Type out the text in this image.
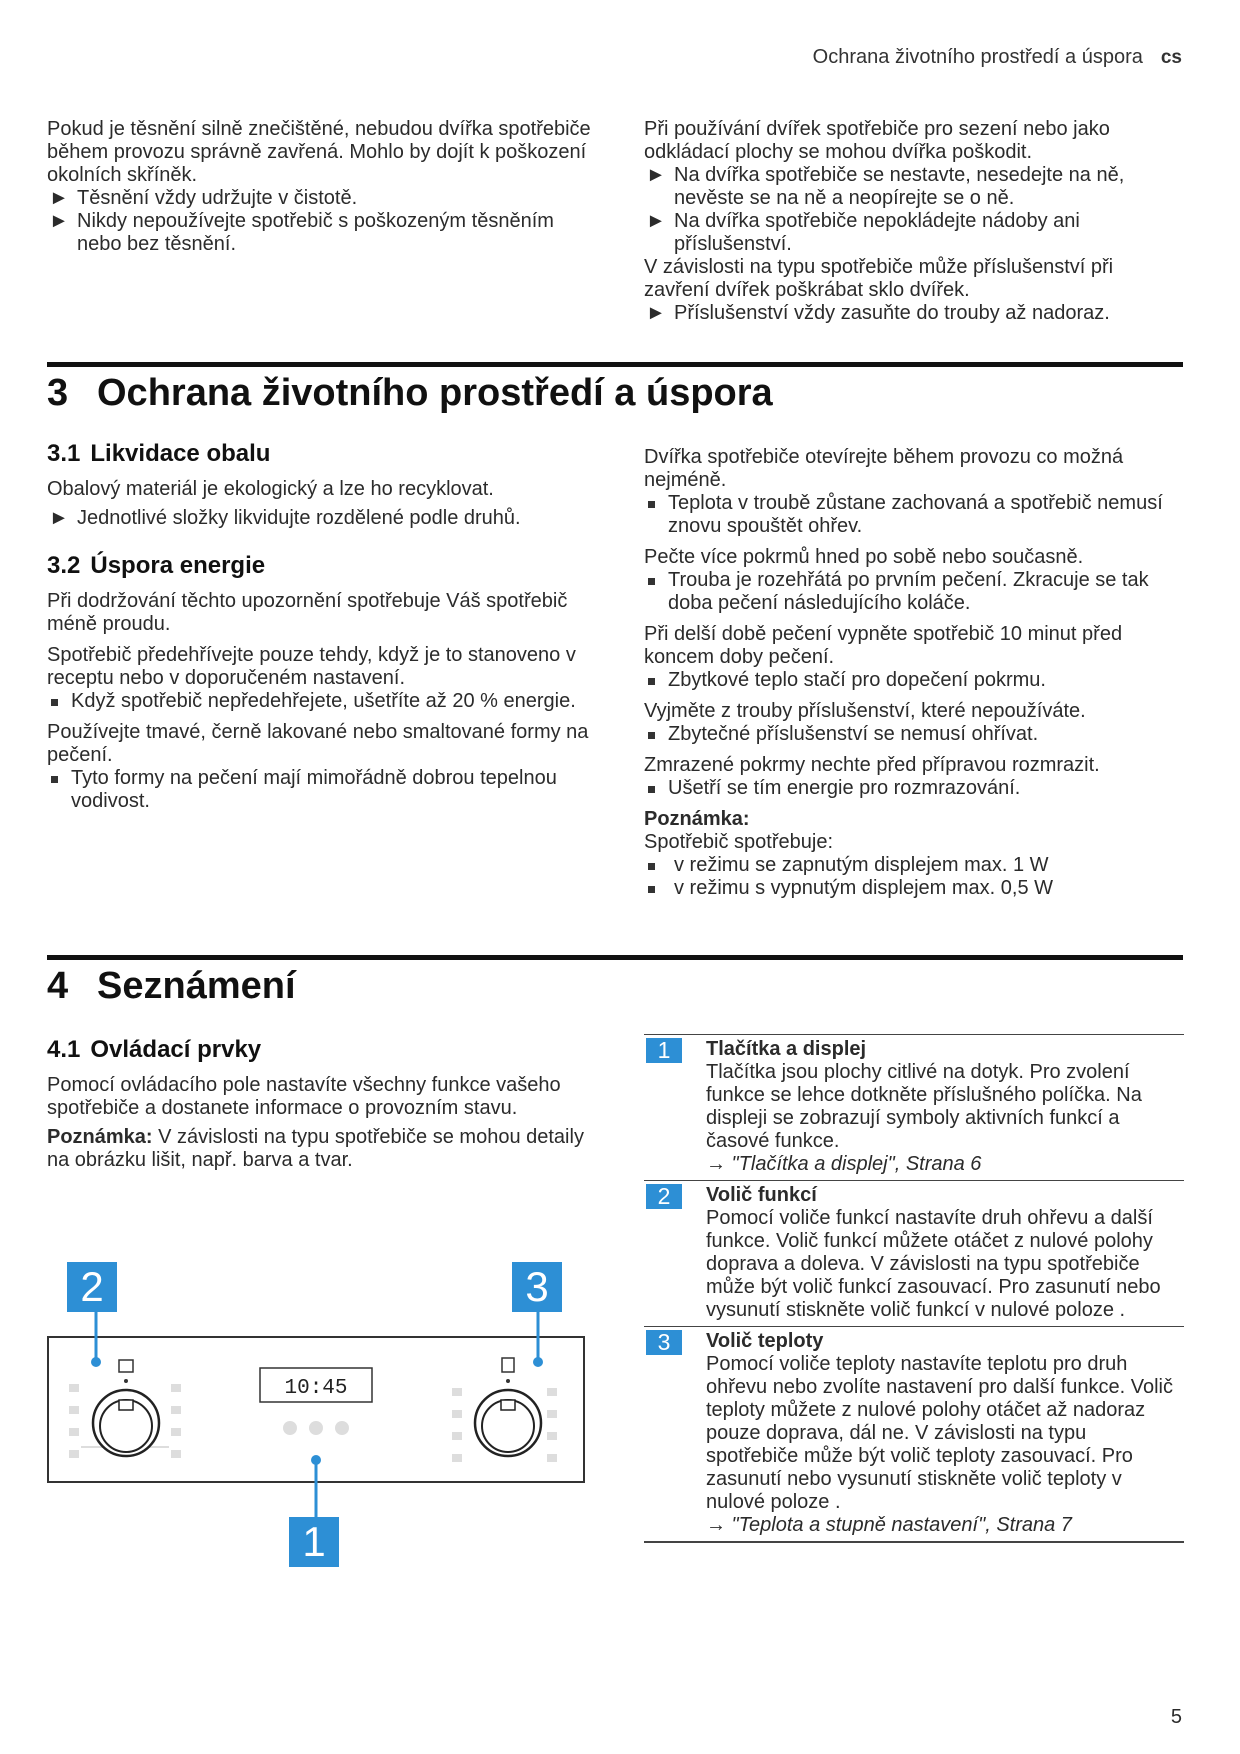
Ochrana životního prostředí a úspora cs

Pokud je těsnění silně znečištěné, nebudou dvířka spotřebiče během provozu správně zavřená. Mohlo by dojít k poškození okolních skříněk.

► Těsnění vždy udržujte v čistotě.
► Nikdy nepoužívejte spotřebič s poškozeným těsněním nebo bez těsnění.

Při používání dvířek spotřebiče pro sezení nebo jako odkládací plochy se mohou dvířka poškodit.

► Na dvířka spotřebiče se nestavte, nesedejte na ně, nevěste se na ně a neopírejte se o ně.
► Na dvířka spotřebiče nepokládejte nádoby ani příslušenství.

V závislosti na typu spotřebiče může příslušenství při zavření dvířek poškrábat sklo dvířek.

► Příslušenství vždy zasuňte do trouby až nadoraz.
3 Ochrana životního prostředí a úspora
3.1 Likvidace obalu

Obalový materiál je ekologický a lze ho recyklovat.

► Jednotlivé složky likvidujte rozdělené podle druhů.
3.2 Úspora energie

Při dodržování těchto upozornění spotřebuje Váš spotřebič méně proudu.

Spotřebič předehřívejte pouze tehdy, když je to stanoveno v receptu nebo v doporučeném nastavení.

Když spotřebič nepředehřejete, ušetříte až 20 % energie.

Používejte tmavé, černě lakované nebo smaltované formy na pečení.

Tyto formy na pečení mají mimořádně dobrou tepelnou vodivost.

Dvířka spotřebiče otevírejte během provozu co možná nejméně.

Teplota v troubě zůstane zachovaná a spotřebič nemusí znovu spouštět ohřev.

Pečte více pokrmů hned po sobě nebo současně.

Trouba je rozehřátá po prvním pečení. Zkracuje se tak doba pečení následujícího koláče.

Při delší době pečení vypněte spotřebič 10 minut před koncem doby pečení.

Zbytkové teplo stačí pro dopečení pokrmu.

Vyjměte z trouby příslušenství, které nepoužíváte.

Zbytečné příslušenství se nemusí ohřívat.

Zmrazené pokrmy nechte před přípravou rozmrazit.

Ušetří se tím energie pro rozmrazování.

Poznámka:

Spotřebič spotřebuje:

v režimu se zapnutým displejem max. 1 W
v režimu s vypnutým displejem max. 0,5 W
4 Seznámení
4.1 Ovládací prvky

Pomocí ovládacího pole nastavíte všechny funkce vašeho spotřebiče a dostanete informace o provozním stavu.

Poznámka: V závislosti na typu spotřebiče se mohou detaily na obrázku lišit, např. barva a tvar.

10:45
2	3
1
1	Tlačítka a displej
Tlačítka jsou plochy citlivé na dotyk. Pro zvolení funkce se lehce dotkněte příslušného políčka. Na displeji se zobrazují symboly aktivních funkcí a časové funkce.
→ "Tlačítka a displej", Strana 6

2	Volič funkcí
Pomocí voliče funkcí nastavíte druh ohřevu a další funkce. Volič funkcí můžete otáčet z nulové polohy doprava a doleva. V závislosti na typu spotřebiče může být volič funkcí zasouvací. Pro zasunutí nebo vysunutí stiskněte volič funkcí v nulové poloze .

3	Volič teploty
Pomocí voliče teploty nastavíte teplotu pro druh ohřevu nebo zvolíte nastavení pro další funkce. Volič teploty můžete z nulové polohy otáčet až nadoraz pouze doprava, dál ne. V závislosti na typu spotřebiče může být volič teploty zasouvací. Pro zasunutí nebo vysunutí stiskněte volič teploty v nulové poloze .
→ "Teplota a stupně nastavení", Strana 7
5
